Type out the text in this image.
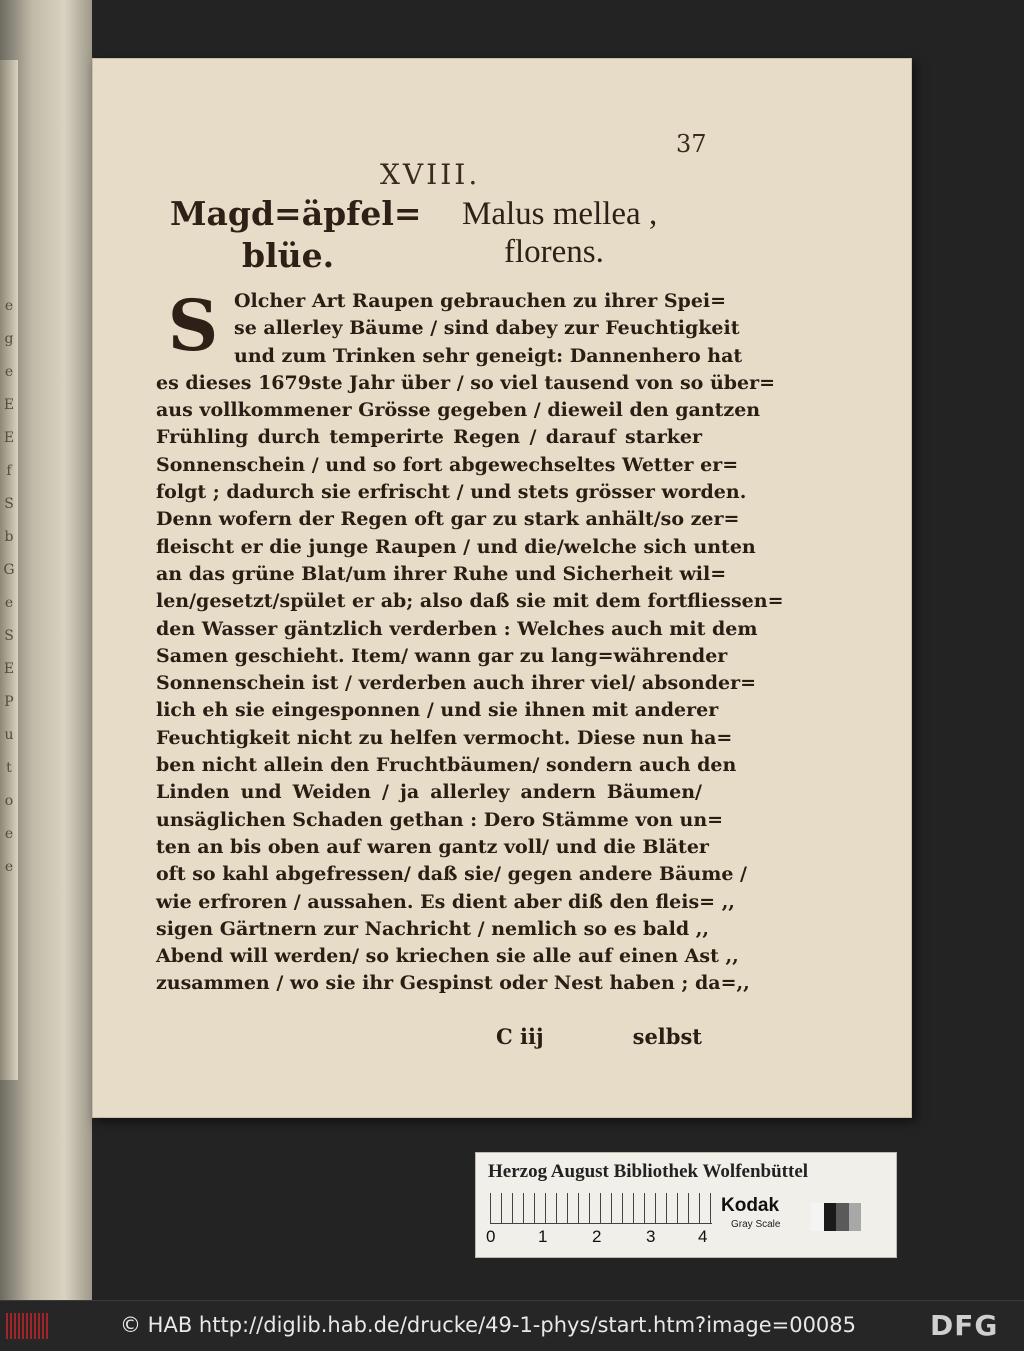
e
g
e
E
E
f
S
b
G
e
S
E
P
u
t
o
e
e
37
XVIII.
Magd=äpfel=
blüe.
Malus mellea ,
florens.
S Olcher Art Raupen gebrauchen zu ihrer Spei=
se allerley Bäume / sind dabey zur Feuchtigkeit
und zum Trinken sehr geneigt: Dannenhero hat
es dieses 1679ste Jahr über / so viel tausend von so über=
aus vollkommener Grösse gegeben / dieweil den gantzen
Frühling durch temperirte Regen / darauf starker
Sonnenschein / und so fort abgewechseltes Wetter er=
folgt ; dadurch sie erfrischt / und stets grösser worden.
Denn wofern der Regen oft gar zu stark anhält/so zer=
fleischt er die junge Raupen / und die/welche sich unten
an das grüne Blat/um ihrer Ruhe und Sicherheit wil=
len/gesetzt/spület er ab; also daß sie mit dem fortfliessen=
den Wasser gäntzlich verderben : Welches auch mit dem
Samen geschieht. Item/ wann gar zu lang=währender
Sonnenschein ist / verderben auch ihrer viel/ absonder=
lich eh sie eingesponnen / und sie ihnen mit anderer
Feuchtigkeit nicht zu helfen vermocht. Diese nun ha=
ben nicht allein den Fruchtbäumen/ sondern auch den
Linden und Weiden / ja allerley andern Bäumen/
unsäglichen Schaden gethan : Dero Stämme von un=
ten an bis oben auf waren gantz voll/ und die Bläter
oft so kahl abgefressen/ daß sie/ gegen andere Bäume /
wie erfroren / aussahen. Es dient aber diß den fleis= ,,
sigen Gärtnern zur Nachricht / nemlich so es bald ,,
Abend will werden/ so kriechen sie alle auf einen Ast ,,
zusammen / wo sie ihr Gespinst oder Nest haben ; da=,,
C iij	selbst
Herzog August Bibliothek Wolfenbüttel
0	1	2	3	4
Kodak
Gray Scale
© HAB http://diglib.hab.de/drucke/49-1-phys/start.htm?image=00085	DFG
